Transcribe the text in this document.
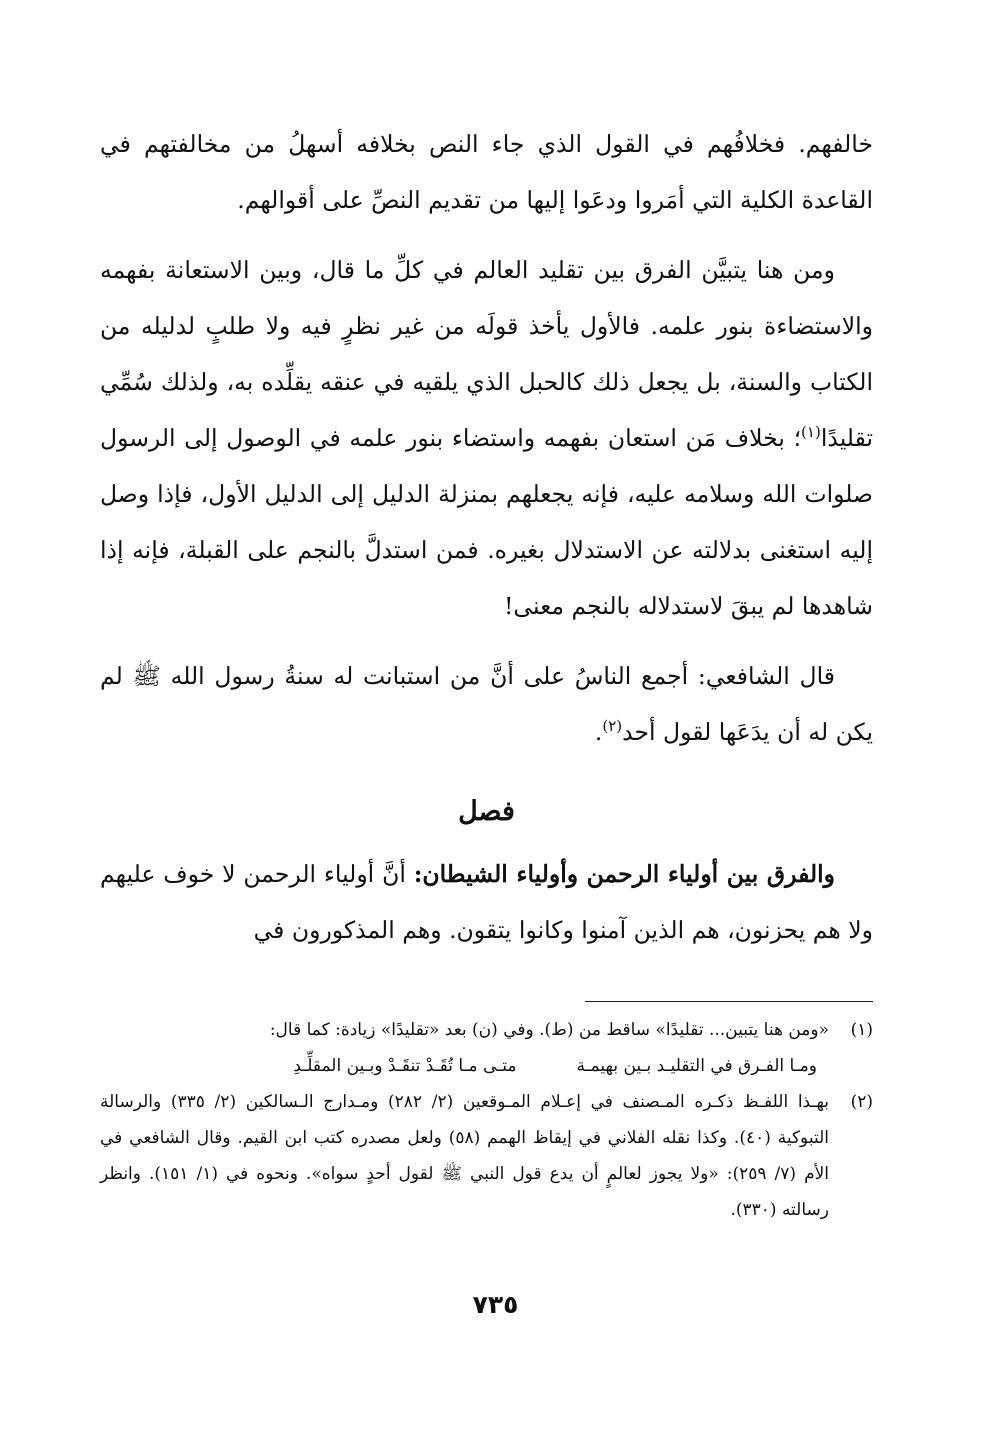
خالفهم. فخلافُهم في القول الذي جاء النص بخلافه أسهلُ من مخالفتهم في القاعدة الكلية التي أمَروا ودعَوا إليها من تقديم النصِّ على أقوالهم.

ومن هنا يتبيَّن الفرق بين تقليد العالم في كلِّ ما قال، وبين الاستعانة بفهمه والاستضاءة بنور علمه. فالأول يأخذ قولَه من غير نظرٍ فيه ولا طلبٍ لدليله من الكتاب والسنة، بل يجعل ذلك كالحبل الذي يلقيه في عنقه يقلِّده به، ولذلك سُمِّي تقليدًا$^{(١)}$؛ بخلاف مَن استعان بفهمه واستضاء بنور علمه في الوصول إلى الرسول صلوات الله وسلامه عليه، فإنه يجعلهم بمنزلة الدليل إلى الدليل الأول، فإذا وصل إليه استغنى بدلالته عن الاستدلال بغيره. فمن استدلَّ بالنجم على القبلة، فإنه إذا شاهدها لم يبقَ لاستدلاله بالنجم معنى!

قال الشافعي: أجمع الناسُ على أنَّ من استبانت له سنةُ رسول الله ﷺ لم يكن له أن يدَعَها لقول أحد$^{(٢)}$.

فصل

والفرق بين أولياء الرحمن وأولياء الشيطان: أنَّ أولياء الرحمن لا خوف عليهم ولا هم يحزنون، هم الذين آمنوا وكانوا يتقون. وهم المذكورون في

(١)
«ومن هنا يتبين... تقليدًا» ساقط من (ط). وفي (ن) بعد «تقليدًا» زيادة: كما قال:
ومـا الفـرق في التقليـد بـين بهيمـة
متـى مـا تُقَـدْ تنقَـدْ وبـين المقلِّـدِ
(٢)
بهـذا اللفـظ ذكـره المـصنف في إعـلام المـوقعين (٢/ ٢٨٢) ومـدارج الـسالكين (٢/ ٣٣٥) والرسالة التبوكية (٤٠). وكذا نقله الفلاني في إيقاظ الهمم (٥٨) ولعل مصدره كتب ابن القيم. وقال الشافعي في الأم (٧/ ٢٥٩): «ولا يجوز لعالمٍ أن يدع قول النبي ﷺ لقول أحدٍ سواه». ونحوه في (١/ ١٥١). وانظر رسالته (٣٣٠).
٧٣٥
